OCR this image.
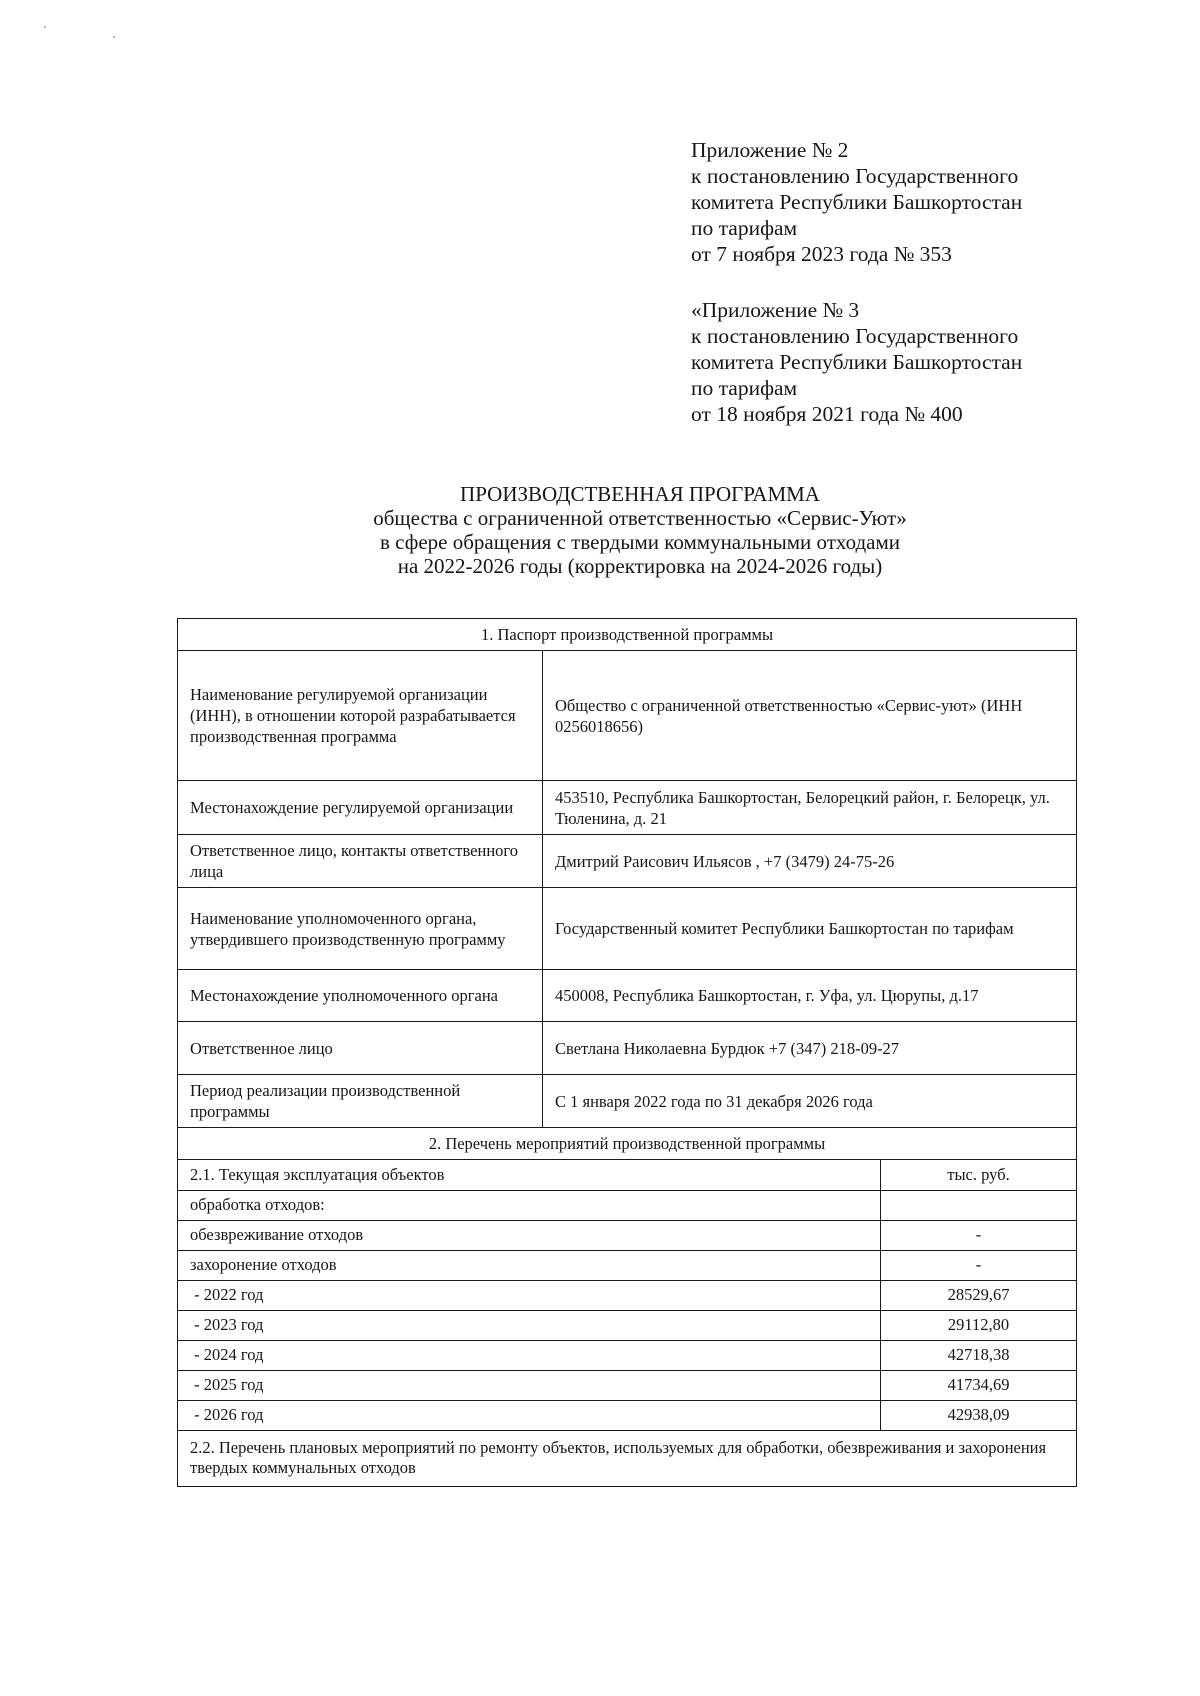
Приложение № 2
к постановлению Государственного
комитета Республики Башкортостан
по тарифам
от 7 ноября 2023 года № 353
«Приложение № 3
к постановлению Государственного
комитета Республики Башкортостан
по тарифам
от 18 ноября 2021 года № 400
ПРОИЗВОДСТВЕННАЯ ПРОГРАММА
общества с ограниченной ответственностью «Сервис-Уют»
в сфере обращения с твердыми коммунальными отходами
на 2022-2026 годы (корректировка на 2024-2026 годы)
1. Паспорт производственной программы
Наименование регулируемой организации (ИНН), в отношении которой разрабатывается производственная программа	Общество с ограниченной ответственностью «Сервис-уют» (ИНН 0256018656)
Местонахождение регулируемой организации	453510, Республика Башкортостан, Белорецкий район, г. Белорецк, ул. Тюленина, д. 21
Ответственное лицо, контакты ответственного лица	Дмитрий Раисович Ильясов , +7 (3479) 24-75-26
Наименование уполномоченного органа, утвердившего производственную программу	Государственный комитет Республики Башкортостан по тарифам
Местонахождение уполномоченного органа	450008, Республика Башкортостан, г. Уфа, ул. Цюрупы, д.17
Ответственное лицо	Светлана Николаевна Бурдюк +7 (347) 218-09-27
Период реализации производственной программы	С 1 января 2022 года по 31 декабря 2026 года
2. Перечень мероприятий производственной программы

2.1. Текущая эксплуатация объектов	тыс. руб.
обработка отходов:	
обезвреживание отходов	-
захоронение отходов	-
- 2022 год	28529,67
- 2023 год	29112,80
- 2024 год	42718,38
- 2025 год	41734,69
- 2026 год	42938,09
2.2. Перечень плановых мероприятий по ремонту объектов, используемых для обработки, обезвреживания и захоронения твердых коммунальных отходов
